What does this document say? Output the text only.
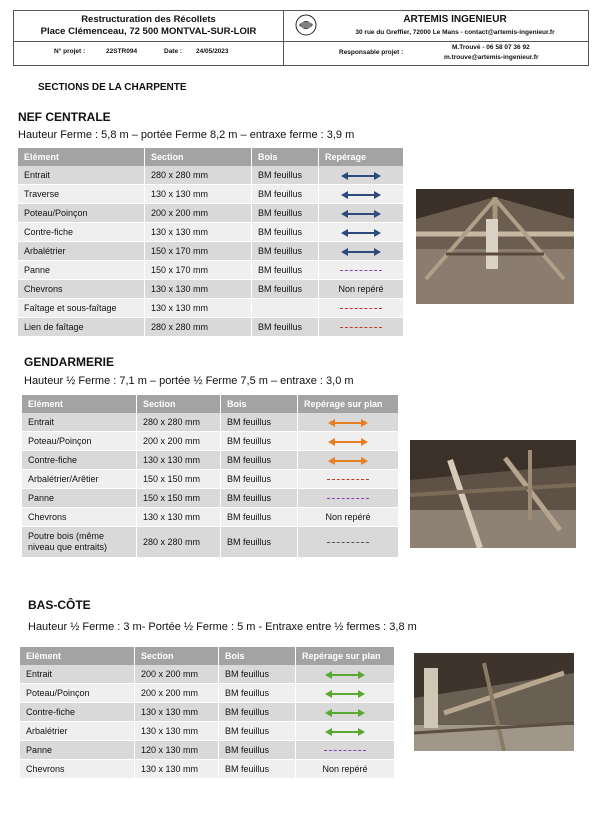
Restructuration des Récollets
Place Clémenceau, 72 500 MONTVAL-SUR-LOIR
N° projet :	22STR094	Date : 24/05/2023
ARTEMIS INGENIEUR
30 rue du Greffier, 72000 Le Mans - contact@artemis-ingenieur.fr
Responsable projet :
M.Trouvé - 06 58 07 36 92
m.trouve@artemis-ingenieur.fr
SECTIONS DE LA CHARPENTE
NEF CENTRALE
Hauteur Ferme : 5,8 m – portée Ferme 8,2 m – entraxe ferme : 3,9 m
Elément	Section	Bois	Repérage
Entrait	280 x 280 mm	BM feuillus	
Traverse	130 x 130 mm	BM feuillus	
Poteau/Poinçon	200 x 200 mm	BM feuillus	
Contre-fiche	130 x 130 mm	BM feuillus	
Arbalétrier	150 x 170 mm	BM feuillus	
Panne	150 x 170 mm	BM feuillus	
Chevrons	130 x 130 mm	BM feuillus	Non repéré
Faîtage et sous-faîtage	130 x 130 mm		
Lien de faîtage	280 x 280 mm	BM feuillus	
GENDARMERIE
Hauteur ½ Ferme : 7,1 m – portée ½ Ferme 7,5 m – entraxe : 3,0 m
Elément	Section	Bois	Repérage sur plan
Entrait	280 x 280 mm	BM feuillus	
Poteau/Poinçon	200 x 200 mm	BM feuillus	
Contre-fiche	130 x 130 mm	BM feuillus	
Arbalétrier/Arêtier	150 x 150 mm	BM feuillus	
Panne	150 x 150 mm	BM feuillus	
Chevrons	130 x 130 mm	BM feuillus	Non repéré
Poutre bois (même niveau que entraits)	280 x 280 mm	BM feuillus	
BAS-CÔTE
Hauteur ½ Ferme : 3 m- Portée ½ Ferme : 5 m - Entraxe entre ½ fermes : 3,8 m
Elément	Section	Bois	Repérage sur plan
Entrait	200 x 200 mm	BM feuillus	
Poteau/Poinçon	200 x 200 mm	BM feuillus	
Contre-fiche	130 x 130 mm	BM feuillus	
Arbalétrier	130 x 130 mm	BM feuillus	
Panne	120 x 130 mm	BM feuillus	
Chevrons	130 x 130 mm	BM feuillus	Non repéré
